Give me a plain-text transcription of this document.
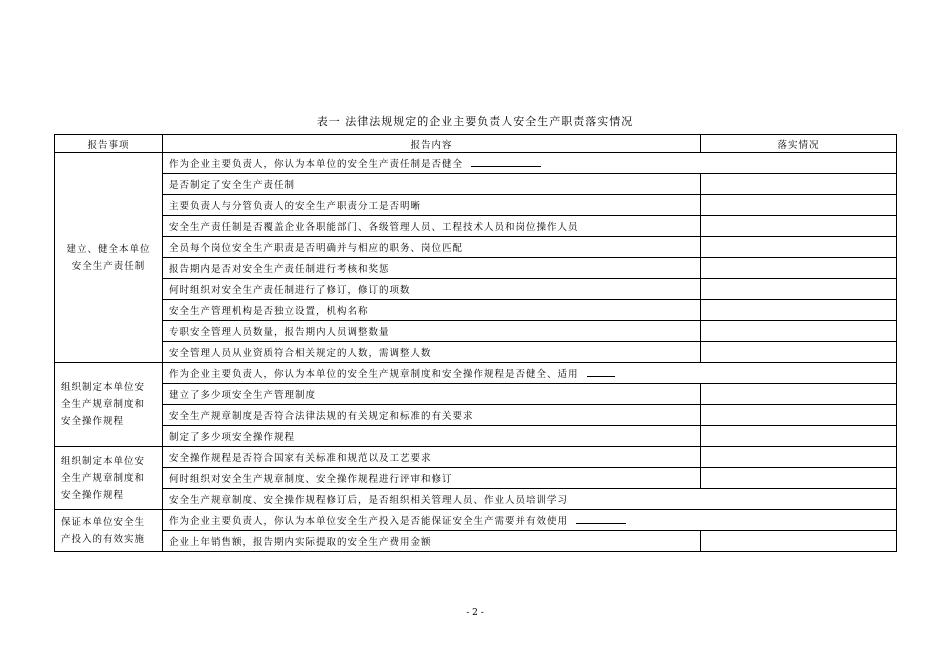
表一 法律法规规定的企业主要负责人安全生产职责落实情况
报告事项	报告内容	落实情况

建立、健全本单位
安全生产责任制	作为企业主要负责人，你认为本单位的安全生产责任制是否健全	
	是否制定了安全生产责任制	
	主要负责人与分管负责人的安全生产职责分工是否明晰	
	安全生产责任制是否覆盖企业各职能部门、各级管理人员、工程技术人员和岗位操作人员	
	全员每个岗位安全生产职责是否明确并与相应的职务、岗位匹配	
	报告期内是否对安全生产责任制进行考核和奖惩	
	何时组织对安全生产责任制进行了修订，修订的项数	
	安全生产管理机构是否独立设置，机构名称	
	专职安全管理人员数量，报告期内人员调整数量	
	安全管理人员从业资质符合相关规定的人数，需调整人数	

组织制定本单位安
全生产规章制度和
安全操作规程	作为企业主要负责人，你认为本单位的安全生产规章制度和安全操作规程是否健全、适用	
	建立了多少项安全生产管理制度	
	安全生产规章制度是否符合法律法规的有关规定和标准的有关要求	
	制定了多少项安全操作规程	

组织制定本单位安
全生产规章制度和
安全操作规程	安全操作规程是否符合国家有关标准和规范以及工艺要求	
	何时组织对安全生产规章制度、安全操作规程进行评审和修订	
	安全生产规章制度、安全操作规程修订后，是否组织相关管理人员、作业人员培训学习	

保证本单位安全生
产投入的有效实施	作为企业主要负责人，你认为本单位安全生产投入是否能保证安全生产需要并有效使用	
	企业上年销售额，报告期内实际提取的安全生产费用金额	
- 2 -
